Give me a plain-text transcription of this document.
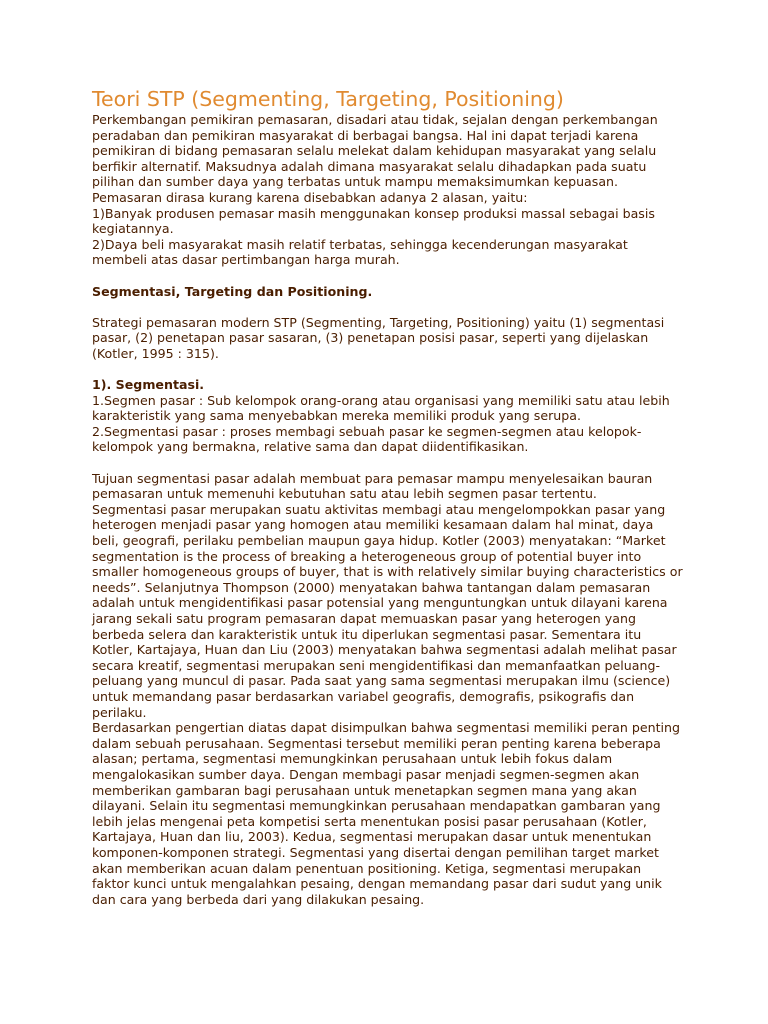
Teori STP (Segmenting, Targeting, Positioning)

Perkembangan pemikiran pemasaran, disadari atau tidak, sejalan dengan perkembangan
peradaban dan pemikiran masyarakat di berbagai bangsa. Hal ini dapat terjadi karena
pemikiran di bidang pemasaran selalu melekat dalam kehidupan masyarakat yang selalu
berfikir alternatif. Maksudnya adalah dimana masyarakat selalu dihadapkan pada suatu
pilihan dan sumber daya yang terbatas untuk mampu memaksimumkan kepuasan.
Pemasaran dirasa kurang karena disebabkan adanya 2 alasan, yaitu:
1)Banyak produsen pemasar masih menggunakan konsep produksi massal sebagai basis
kegiatannya.
2)Daya beli masyarakat masih relatif terbatas, sehingga kecenderungan masyarakat
membeli atas dasar pertimbangan harga murah.

Segmentasi, Targeting dan Positioning.

Strategi pemasaran modern STP (Segmenting, Targeting, Positioning) yaitu (1) segmentasi
pasar, (2) penetapan pasar sasaran, (3) penetapan posisi pasar, seperti yang dijelaskan
(Kotler, 1995 : 315).

1). Segmentasi.

1.Segmen pasar : Sub kelompok orang-orang atau organisasi yang memiliki satu atau lebih
karakteristik yang sama menyebabkan mereka memiliki produk yang serupa.
2.Segmentasi pasar : proses membagi sebuah pasar ke segmen-segmen atau kelopok-
kelompok yang bermakna, relative sama dan dapat diidentifikasikan.

Tujuan segmentasi pasar adalah membuat para pemasar mampu menyelesaikan bauran
pemasaran untuk memenuhi kebutuhan satu atau lebih segmen pasar tertentu.
Segmentasi pasar merupakan suatu aktivitas membagi atau mengelompokkan pasar yang
heterogen menjadi pasar yang homogen atau memiliki kesamaan dalam hal minat, daya
beli, geografi, perilaku pembelian maupun gaya hidup. Kotler (2003) menyatakan: “Market
segmentation is the process of breaking a heterogeneous group of potential buyer into
smaller homogeneous groups of buyer, that is with relatively similar buying characteristics or
needs”. Selanjutnya Thompson (2000) menyatakan bahwa tantangan dalam pemasaran
adalah untuk mengidentifikasi pasar potensial yang menguntungkan untuk dilayani karena
jarang sekali satu program pemasaran dapat memuaskan pasar yang heterogen yang
berbeda selera dan karakteristik untuk itu diperlukan segmentasi pasar. Sementara itu
Kotler, Kartajaya, Huan dan Liu (2003) menyatakan bahwa segmentasi adalah melihat pasar
secara kreatif, segmentasi merupakan seni mengidentifikasi dan memanfaatkan peluang-
peluang yang muncul di pasar. Pada saat yang sama segmentasi merupakan ilmu (science)
untuk memandang pasar berdasarkan variabel geografis, demografis, psikografis dan
perilaku.
Berdasarkan pengertian diatas dapat disimpulkan bahwa segmentasi memiliki peran penting
dalam sebuah perusahaan. Segmentasi tersebut memiliki peran penting karena beberapa
alasan; pertama, segmentasi memungkinkan perusahaan untuk lebih fokus dalam
mengalokasikan sumber daya. Dengan membagi pasar menjadi segmen-segmen akan
memberikan gambaran bagi perusahaan untuk menetapkan segmen mana yang akan
dilayani. Selain itu segmentasi memungkinkan perusahaan mendapatkan gambaran yang
lebih jelas mengenai peta kompetisi serta menentukan posisi pasar perusahaan (Kotler,
Kartajaya, Huan dan liu, 2003). Kedua, segmentasi merupakan dasar untuk menentukan
komponen-komponen strategi. Segmentasi yang disertai dengan pemilihan target market
akan memberikan acuan dalam penentuan positioning. Ketiga, segmentasi merupakan
faktor kunci untuk mengalahkan pesaing, dengan memandang pasar dari sudut yang unik
dan cara yang berbeda dari yang dilakukan pesaing.
